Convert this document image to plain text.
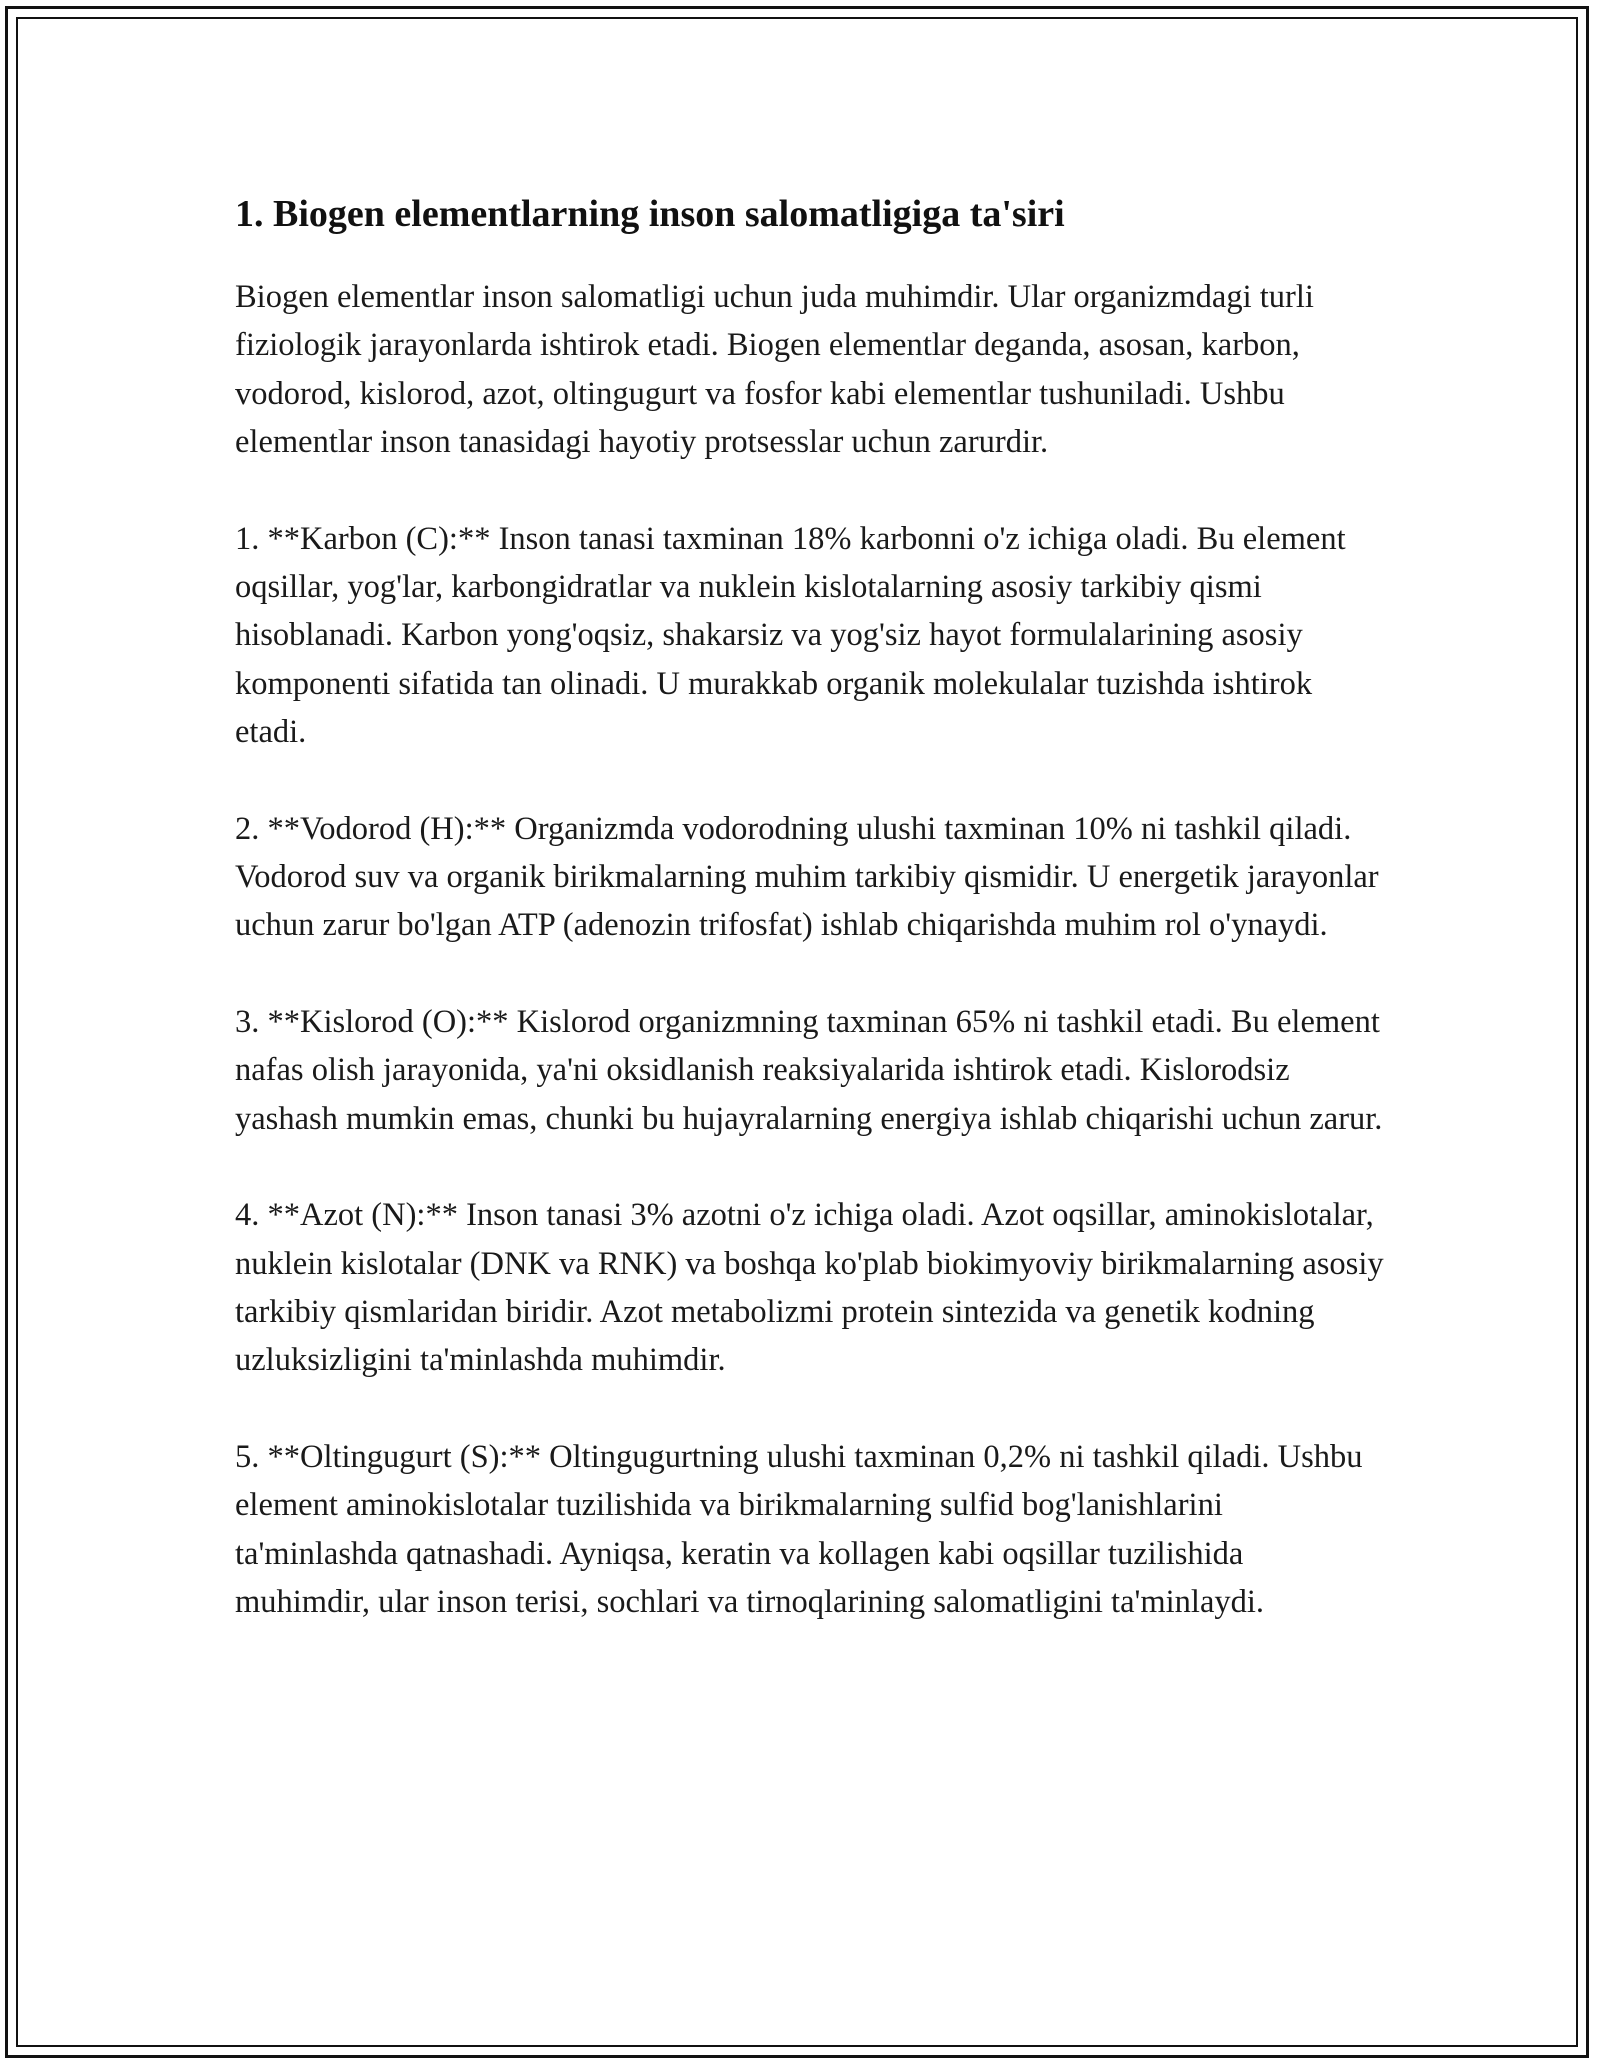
1. Biogen elementlarning inson salomatligiga ta'siri

Biogen elementlar inson salomatligi uchun juda muhimdir. Ular organizmdagi turli fiziologik jarayonlarda ishtirok etadi. Biogen elementlar deganda, asosan, karbon, vodorod, kislorod, azot, oltingugurt va fosfor kabi elementlar tushuniladi. Ushbu elementlar inson tanasidagi hayotiy protsesslar uchun zarurdir.

1. **Karbon (C):** Inson tanasi taxminan 18% karbonni o'z ichiga oladi. Bu element oqsillar, yog'lar, karbongidratlar va nuklein kislotalarning asosiy tarkibiy qismi hisoblanadi. Karbon yong'oqsiz, shakarsiz va yog'siz hayot formulalarining asosiy komponenti sifatida tan olinadi. U murakkab organik molekulalar tuzishda ishtirok etadi.

2. **Vodorod (H):** Organizmda vodorodning ulushi taxminan 10% ni tashkil qiladi. Vodorod suv va organik birikmalarning muhim tarkibiy qismidir. U energetik jarayonlar uchun zarur bo'lgan ATP (adenozin trifosfat) ishlab chiqarishda muhim rol o'ynaydi.

3. **Kislorod (O):** Kislorod organizmning taxminan 65% ni tashkil etadi. Bu element nafas olish jarayonida, ya'ni oksidlanish reaksiyalarida ishtirok etadi. Kislorodsiz yashash mumkin emas, chunki bu hujayralarning energiya ishlab chiqarishi uchun zarur.

4. **Azot (N):** Inson tanasi 3% azotni o'z ichiga oladi. Azot oqsillar, aminokislotalar, nuklein kislotalar (DNK va RNK) va boshqa ko'plab biokimyoviy birikmalarning asosiy tarkibiy qismlaridan biridir. Azot metabolizmi protein sintezida va genetik kodning uzluksizligini ta'minlashda muhimdir.

5. **Oltingugurt (S):** Oltingugurtning ulushi taxminan 0,2% ni tashkil qiladi. Ushbu element aminokislotalar tuzilishida va birikmalarning sulfid bog'lanishlarini ta'minlashda qatnashadi. Ayniqsa, keratin va kollagen kabi oqsillar tuzilishida muhimdir, ular inson terisi, sochlari va tirnoqlarining salomatligini ta'minlaydi.
